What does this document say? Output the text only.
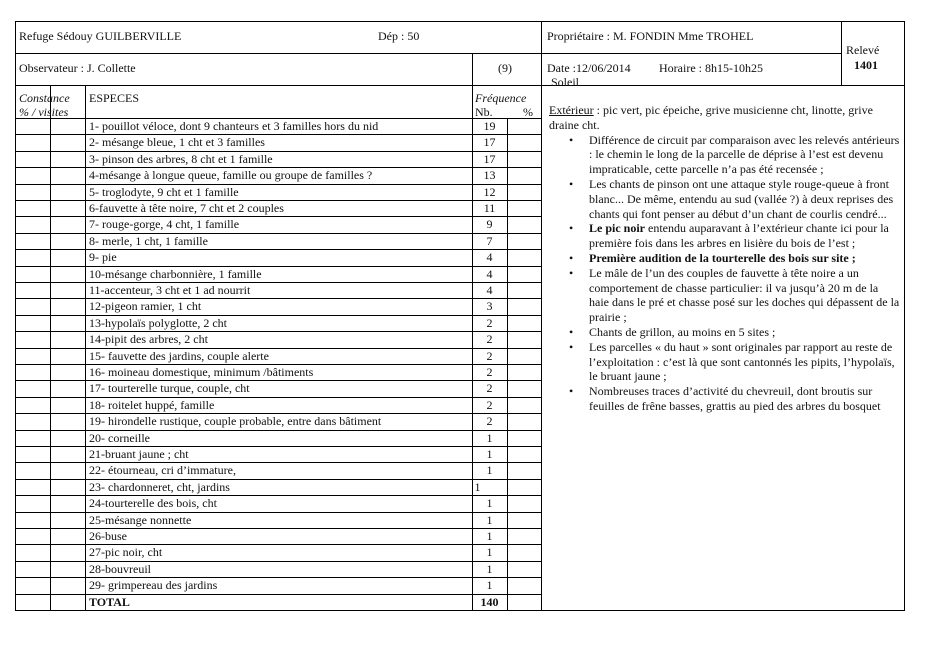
Refuge Sédouy GUILBERVILLE	Dép : 50	Propriétaire : M. FONDIN Mme TROHEL
Relevé
1401
Observateur : J. Collette	(9)	Date :12/06/2014 Horaire : 8h15-10h25
Soleil
Constance
% / visites
ESPECES	Fréquence
Nb.	%
1- pouillot véloce, dont 9 chanteurs et 3 familles hors du nid	19
2- mésange bleue, 1 cht et 3 familles	17
3- pinson des arbres, 8 cht et 1 famille	17
4-mésange à longue queue, famille ou groupe de familles ?	13
5- troglodyte, 9 cht et 1 famille	12
6-fauvette à tête noire, 7 cht et 2 couples	11
7- rouge-gorge, 4 cht, 1 famille	9
8- merle, 1 cht, 1 famille	7
9- pie	4
10-mésange charbonnière, 1 famille	4
11-accenteur, 3 cht et 1 ad nourrit	4
12-pigeon ramier, 1 cht	3
13-hypolaïs polyglotte, 2 cht	2
14-pipit des arbres, 2 cht	2
15- fauvette des jardins, couple alerte	2
16- moineau domestique, minimum /bâtiments	2
17- tourterelle turque, couple, cht	2
18- roitelet huppé, famille	2
19- hirondelle rustique, couple probable, entre dans bâtiment	2
20- corneille	1
21-bruant jaune ; cht	1
22- étourneau, cri d’immature,	1
23- chardonneret, cht, jardins	1
24-tourterelle des bois, cht	1
25-mésange nonnette	1
26-buse	1
27-pic noir, cht	1
28-bouvreuil	1
29- grimpereau des jardins	1
TOTAL	140

Extérieur : pic vert, pic épeiche, grive musicienne cht, linotte, grive draine cht.

• Différence de circuit par comparaison avec les relevés antérieurs : le chemin le long de la parcelle de déprise à l’est est devenu impraticable, cette parcelle n’a pas été recensée ;
• Les chants de pinson ont une attaque style rouge-queue à front blanc... De même, entendu au sud (vallée ?) à deux reprises des chants qui font penser au début d’un chant de courlis cendré...
• Le pic noir entendu auparavant à l’extérieur chante ici pour la première fois dans les arbres en lisière du bois de l’est ;
• Première audition de la tourterelle des bois sur site ;
• Le mâle de l’un des couples de fauvette à tête noire a un comportement de chasse particulier: il va jusqu’à 20 m de la haie dans le pré et chasse posé sur les doches qui dépassent de la prairie ;
• Chants de grillon, au moins en 5 sites ;
• Les parcelles « du haut » sont originales par rapport au reste de l’exploitation : c’est là que sont cantonnés les pipits, l’hypolaïs, le bruant jaune ;
• Nombreuses traces d’activité du chevreuil, dont broutis sur feuilles de frêne basses, grattis au pied des arbres du bosquet
